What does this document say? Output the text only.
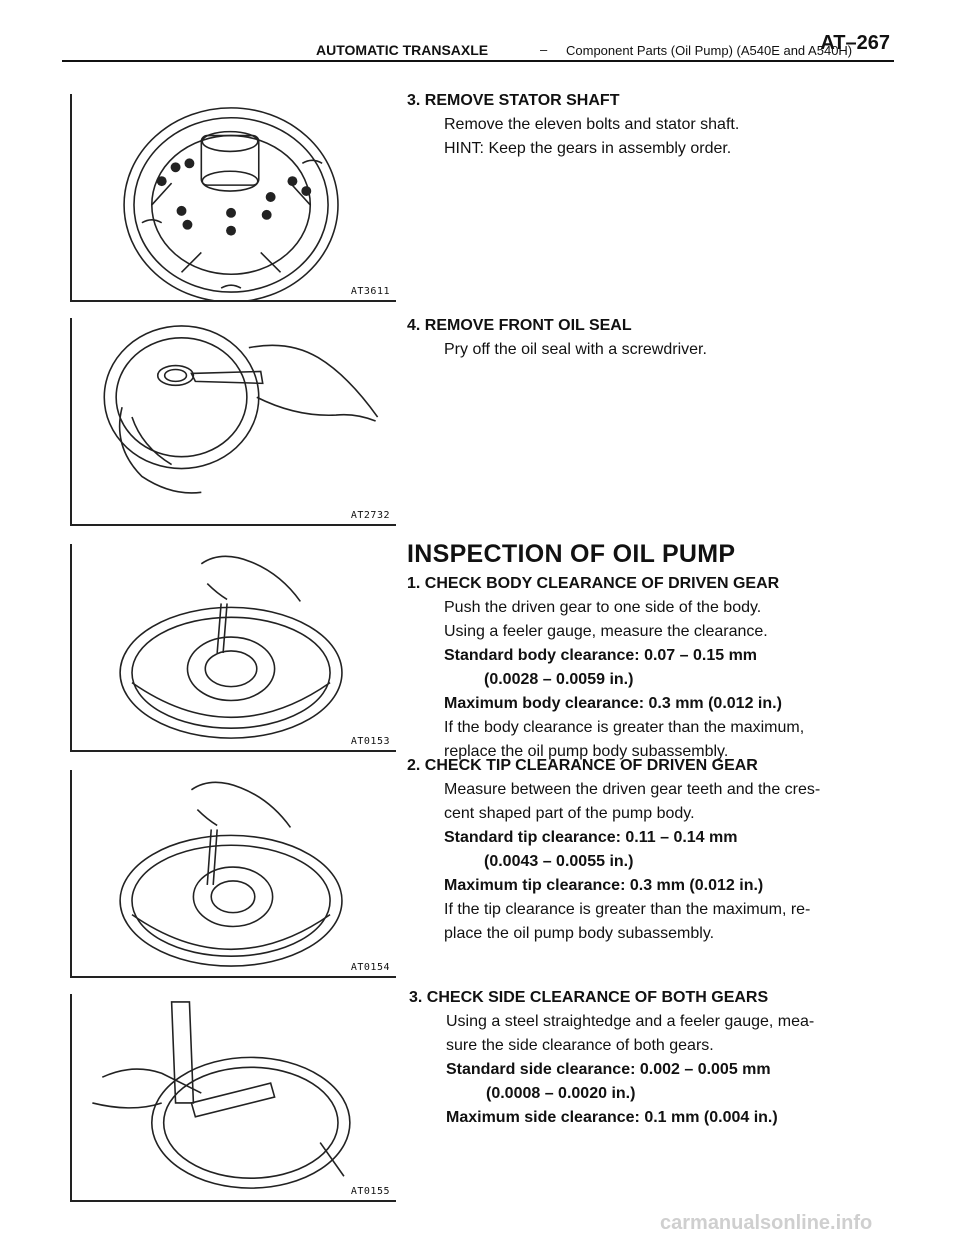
AUTOMATIC TRANSAXLE	– Component Parts (Oil Pump) (A540E and A540H)
AT–267
AT3611
3. REMOVE STATOR SHAFT
Remove the eleven bolts and stator shaft.
HINT: Keep the gears in assembly order.
AT2732
4. REMOVE FRONT OIL SEAL
Pry off the oil seal with a screwdriver.
INSPECTION OF OIL PUMP
AT0153
1. CHECK BODY CLEARANCE OF DRIVEN GEAR
Push the driven gear to one side of the body.
Using a feeler gauge, measure the clearance.
Standard body clearance: 0.07 – 0.15 mm
(0.0028 – 0.0059 in.)
Maximum body clearance: 0.3 mm (0.012 in.)
If the body clearance is greater than the maximum,
replace the oil pump body subassembly.
AT0154
2. CHECK TIP CLEARANCE OF DRIVEN GEAR
Measure between the driven gear teeth and the cres-
cent shaped part of the pump body.
Standard tip clearance: 0.11 – 0.14 mm
(0.0043 – 0.0055 in.)
Maximum tip clearance: 0.3 mm (0.012 in.)
If the tip clearance is greater than the maximum, re-
place the oil pump body subassembly.
AT0155
3. CHECK SIDE CLEARANCE OF BOTH GEARS
Using a steel straightedge and a feeler gauge, mea-
sure the side clearance of both gears.
Standard side clearance: 0.002 – 0.005 mm
(0.0008 – 0.0020 in.)
Maximum side clearance: 0.1 mm (0.004 in.)
carmanualsonline.info
